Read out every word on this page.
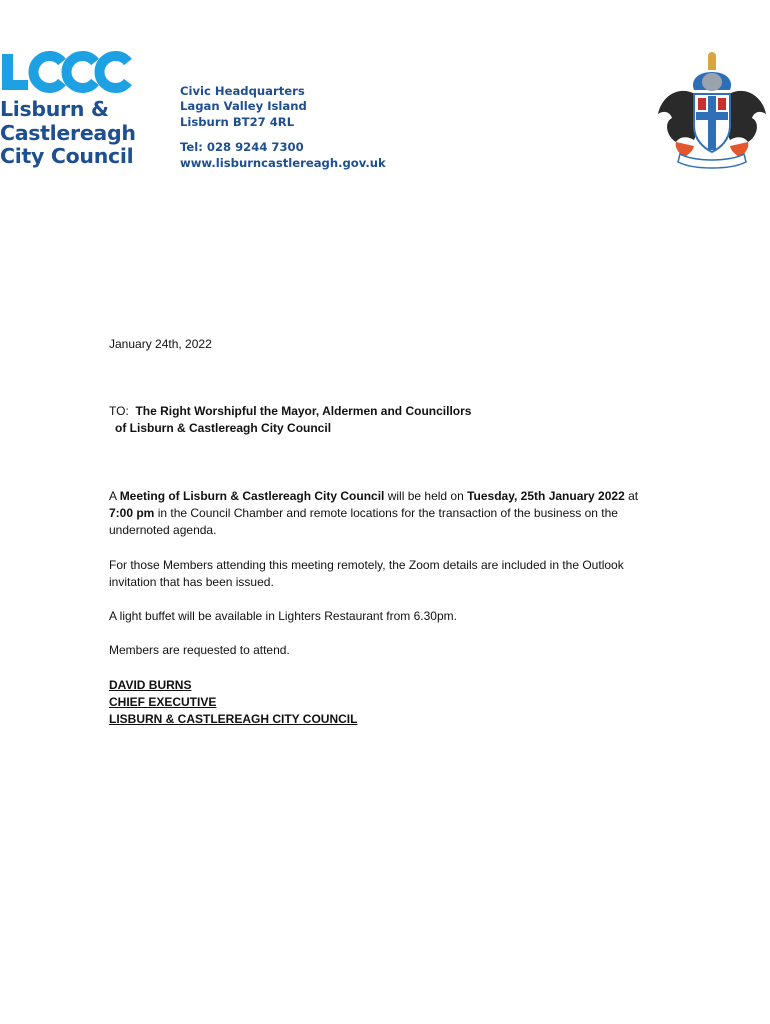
Lisburn &
Castlereagh
City Council
Civic Headquarters
Lagan Valley Island
Lisburn BT27 4RL
Tel: 028 9244 7300
www.lisburncastlereagh.gov.uk
January 24th, 2022
TO: The Right Worshipful the Mayor, Aldermen and Councillors
of Lisburn & Castlereagh City Council
A Meeting of Lisburn & Castlereagh City Council will be held on Tuesday, 25th January 2022 at 7:00 pm in the Council Chamber and remote locations for the transaction of the business on the undernoted agenda.
For those Members attending this meeting remotely, the Zoom details are included in the Outlook invitation that has been issued.
A light buffet will be available in Lighters Restaurant from 6.30pm.
Members are requested to attend.
DAVID BURNS
CHIEF EXECUTIVE
LISBURN & CASTLEREAGH CITY COUNCIL
